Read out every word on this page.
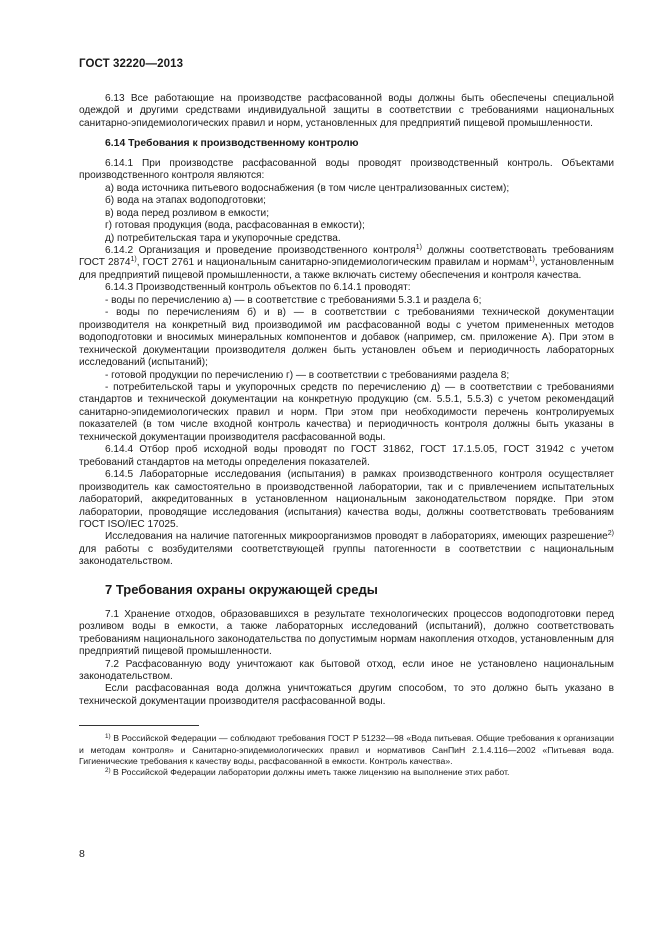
ГОСТ 32220—2013

6.13 Все работающие на производстве расфасованной воды должны быть обеспечены специальной одеждой и другими средствами индивидуальной защиты в соответствии с требованиями национальных санитарно-эпидемиологических правил и норм, установленных для предприятий пищевой промышленности.

6.14 Требования к производственному контролю

6.14.1 При производстве расфасованной воды проводят производственный контроль. Объектами производственного контроля являются:

а) вода источника питьевого водоснабжения (в том числе централизованных систем);

б) вода на этапах водоподготовки;

в) вода перед розливом в емкости;

г) готовая продукция (вода, расфасованная в емкости);

д) потребительская тара и укупорочные средства.

6.14.2 Организация и проведение производственного контроля$^{1)}$ должны соответствовать требованиям ГОСТ 2874$^{1)}$, ГОСТ 2761 и национальным санитарно-эпидемиологическим правилам и нормам$^{1)}$, установленным для предприятий пищевой промышленности, а также включать систему обеспечения и контроля качества.

6.14.3 Производственный контроль объектов по 6.14.1 проводят:

- воды по перечислению а) — в соответствие с требованиями 5.3.1 и раздела 6;

- воды по перечислениям б) и в) — в соответствии с требованиями технической документации производителя на конкретный вид производимой им расфасованной воды с учетом примененных методов водоподготовки и вносимых минеральных компонентов и добавок (например, см. приложение А). При этом в технической документации производителя должен быть установлен объем и периодичность лабораторных исследований (испытаний);

- готовой продукции по перечислению г) — в соответствии с требованиями раздела 8;

- потребительской тары и укупорочных средств по перечислению д) — в соответствии с требованиями стандартов и технической документации на конкретную продукцию (см. 5.5.1, 5.5.3) с учетом рекомендаций санитарно-эпидемиологических правил и норм. При этом при необходимости перечень контролируемых показателей (в том числе входной контроль качества) и периодичность контроля должны быть указаны в технической документации производителя расфасованной воды.

6.14.4 Отбор проб исходной воды проводят по ГОСТ 31862, ГОСТ 17.1.5.05, ГОСТ 31942 с учетом требований стандартов на методы определения показателей.

6.14.5 Лабораторные исследования (испытания) в рамках производственного контроля осуществляет производитель как самостоятельно в производственной лаборатории, так и с привлечением испытательных лабораторий, аккредитованных в установленном национальным законодательством порядке. При этом лаборатории, проводящие исследования (испытания) качества воды, должны соответствовать требованиям ГОСТ ISO/IEC 17025.

Исследования на наличие патогенных микроорганизмов проводят в лабораториях, имеющих разрешение$^{2)}$ для работы с возбудителями соответствующей группы патогенности в соответствии с национальным законодательством.

7 Требования охраны окружающей среды

7.1 Хранение отходов, образовавшихся в результате технологических процессов водоподготовки перед розливом воды в емкости, а также лабораторных исследований (испытаний), должно соответствовать требованиям национального законодательства по допустимым нормам накопления отходов, установленным для предприятий пищевой промышленности.

7.2 Расфасованную воду уничтожают как бытовой отход, если иное не установлено национальным законодательством.

Если расфасованная вода должна уничтожаться другим способом, то это должно быть указано в технической документации производителя расфасованной воды.

$^{1)}$ В Российской Федерации — соблюдают требования ГОСТ Р 51232—98 «Вода питьевая. Общие требования к организации и методам контроля» и Санитарно-эпидемиологических правил и нормативов СанПиН 2.1.4.116—2002 «Питьевая вода. Гигиенические требования к качеству воды, расфасованной в емкости. Контроль качества».

$^{2)}$ В Российской Федерации лаборатории должны иметь также лицензию на выполнение этих работ.

8
